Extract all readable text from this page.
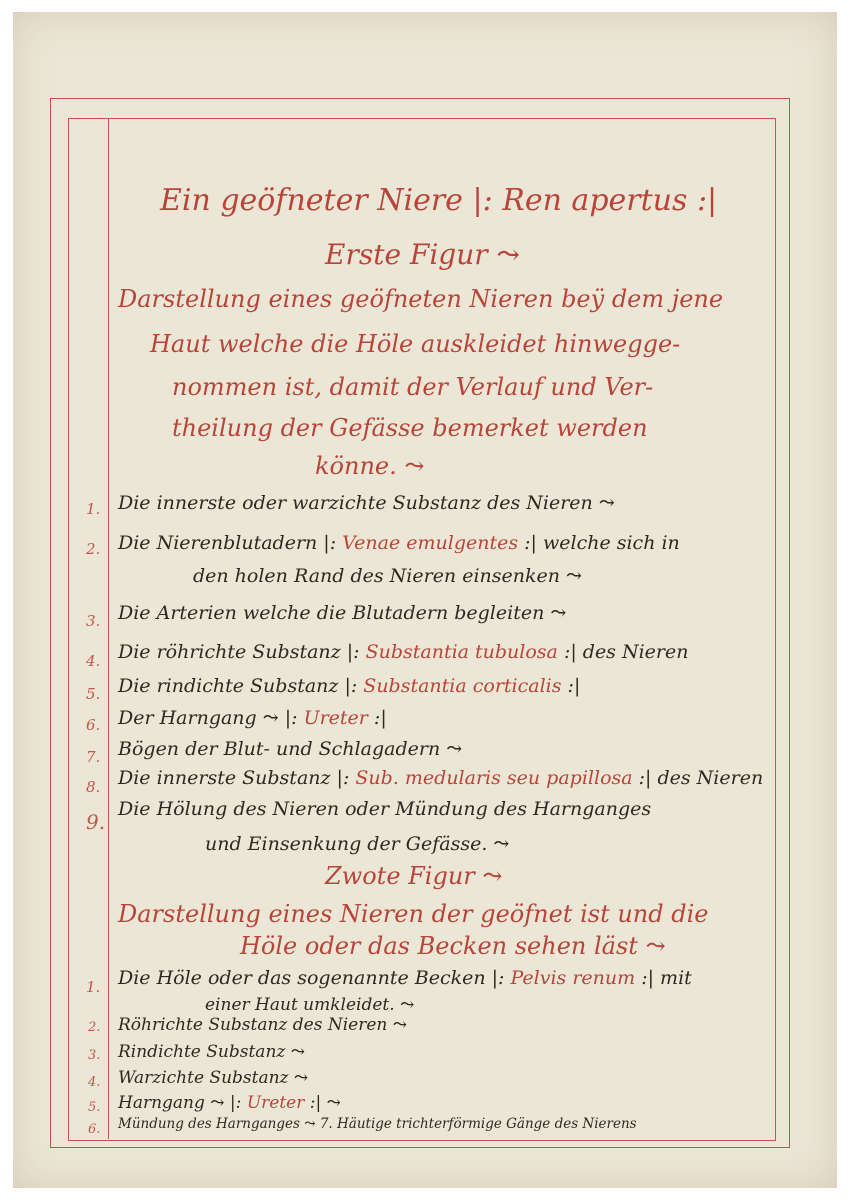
Ein geöfneter Niere |: Ren apertus :|
Erste Figur ⤳
Darstellung eines geöfneten Nieren beÿ dem jene
Haut welche die Höle auskleidet hinwegge-
nommen ist, damit der Verlauf und Ver-
theilung der Gefässe bemerket werden
könne. ⤳
1. Die innerste oder warzichte Substanz des Nieren ⤳
2. Die Nierenblutadern |: Venae emulgentes :| welche sich in
den holen Rand des Nieren einsenken ⤳
3. Die Arterien welche die Blutadern begleiten ⤳
4. Die röhrichte Substanz |: Substantia tubulosa :| des Nieren
5. Die rindichte Substanz |: Substantia corticalis :|
6. Der Harngang ⤳ |: Ureter :|
7. Bögen der Blut- und Schlagadern ⤳
8. Die innerste Substanz |: Sub. medularis seu papillosa :| des Nieren
9.
Die Hölung des Nieren oder Mündung des Harnganges
und Einsenkung der Gefässe. ⤳
Zwote Figur ⤳
Darstellung eines Nieren der geöfnet ist und die
Höle oder das Becken sehen läst ⤳
1. Die Höle oder das sogenannte Becken |: Pelvis renum :| mit
einer Haut umkleidet. ⤳
2. Röhrichte Substanz des Nieren ⤳
3. Rindichte Substanz ⤳
4. Warzichte Substanz ⤳
5. Harngang ⤳ |: Ureter :| ⤳
6. Mündung des Harnganges ⤳ 7. Häutige trichterförmige Gänge des Nierens
